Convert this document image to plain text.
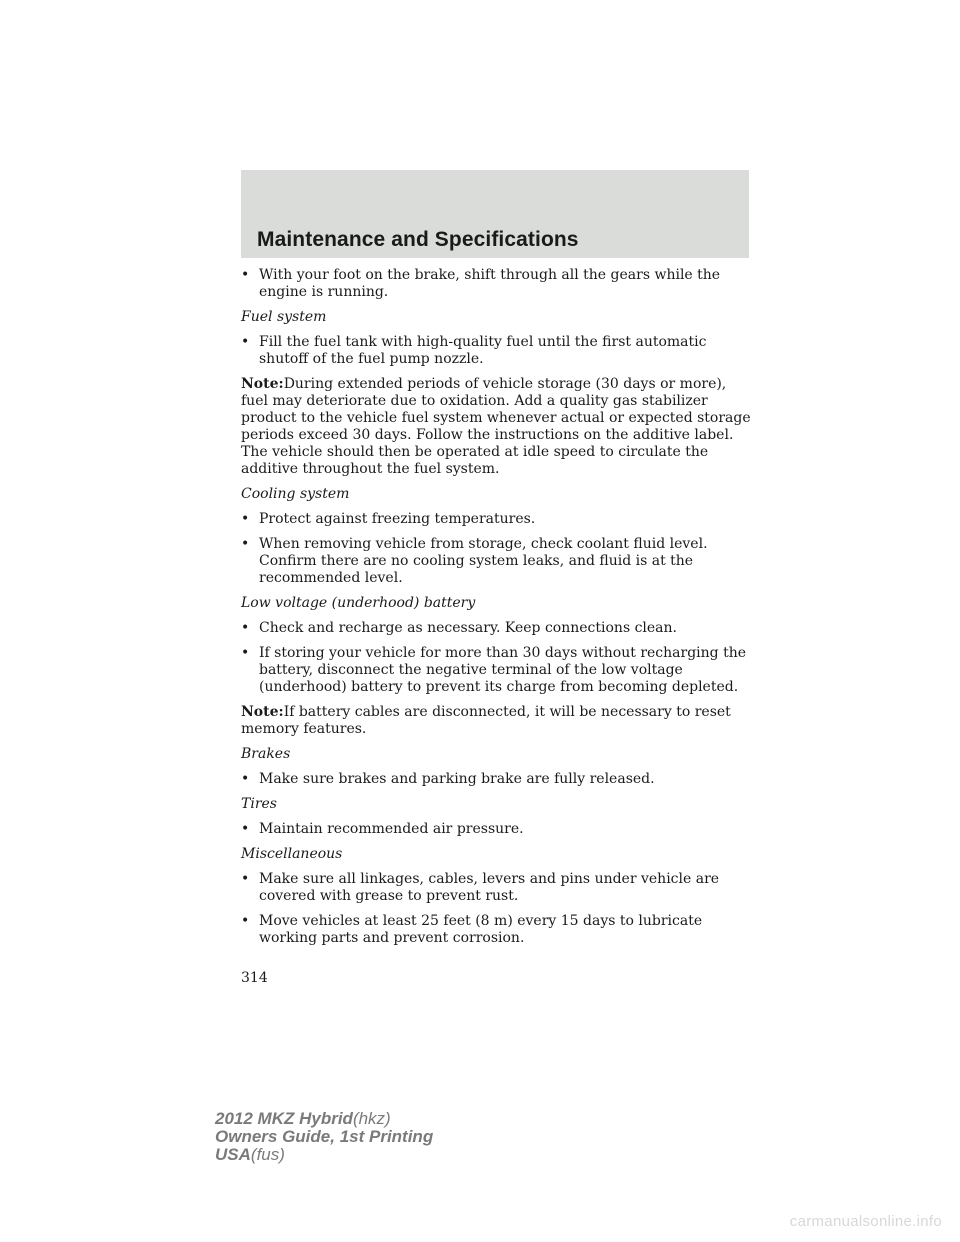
Maintenance and Specifications

• With your foot on the brake, shift through all the gears while the engine is running.

Fuel system

• Fill the fuel tank with high-quality fuel until the first automatic shutoff of the fuel pump nozzle.

Note:During extended periods of vehicle storage (30 days or more), fuel may deteriorate due to oxidation. Add a quality gas stabilizer product to the vehicle fuel system whenever actual or expected storage periods exceed 30 days. Follow the instructions on the additive label. The vehicle should then be operated at idle speed to circulate the additive throughout the fuel system.

Cooling system

• Protect against freezing temperatures.

• When removing vehicle from storage, check coolant fluid level. Confirm there are no cooling system leaks, and fluid is at the recommended level.

Low voltage (underhood) battery

• Check and recharge as necessary. Keep connections clean.

• If storing your vehicle for more than 30 days without recharging the battery, disconnect the negative terminal of the low voltage (underhood) battery to prevent its charge from becoming depleted.

Note:If battery cables are disconnected, it will be necessary to reset memory features.

Brakes

• Make sure brakes and parking brake are fully released.

Tires

• Maintain recommended air pressure.

Miscellaneous

• Make sure all linkages, cables, levers and pins under vehicle are covered with grease to prevent rust.

• Move vehicles at least 25 feet (8 m) every 15 days to lubricate working parts and prevent corrosion.

314

2012 MKZ Hybrid(hkz)
Owners Guide, 1st Printing
USA(fus)
carmanualsonline.info
